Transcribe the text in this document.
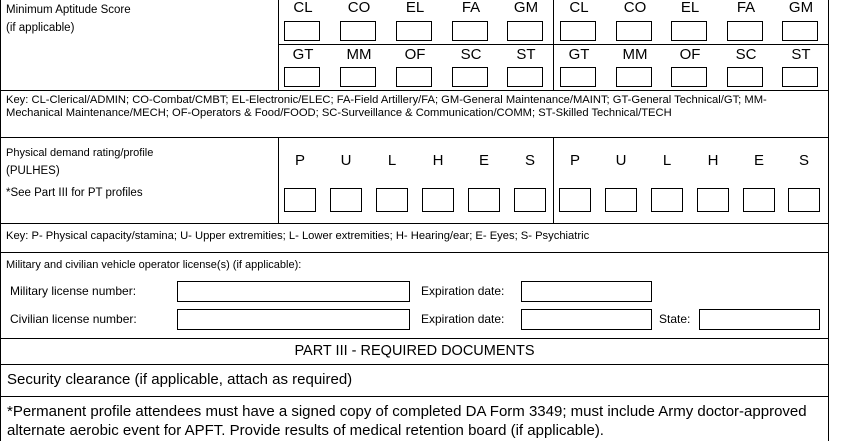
Minimum Aptitude Score
(if applicable)
CL	CO	EL	FA	GM	CL	CO	EL	FA	GM
GT	MM	OF	SC	ST	GT	MM	OF	SC	ST
Key: CL-Clerical/ADMIN; CO-Combat/CMBT; EL-Electronic/ELEC; FA-Field Artillery/FA; GM-General Maintenance/MAINT; GT-General Technical/GT; MM-Mechanical Maintenance/MECH; OF-Operators & Food/FOOD; SC-Surveillance & Communication/COMM; ST-Skilled Technical/TECH
Physical demand rating/profile
(PULHES)
*See Part III for PT profiles
P	U	L	H	E	S	P	U	L	H	E	S
Key: P- Physical capacity/stamina; U- Upper extremities; L- Lower extremities; H- Hearing/ear; E- Eyes; S- Psychiatric
Military and civilian vehicle operator license(s) (if applicable):
Military license number:	Expiration date:
Civilian license number:	Expiration date:	State:
PART III - REQUIRED DOCUMENTS
Security clearance (if applicable, attach as required)
*Permanent profile attendees must have a signed copy of completed DA Form 3349; must include Army doctor-approved alternate aerobic event for APFT. Provide results of medical retention board (if applicable).
